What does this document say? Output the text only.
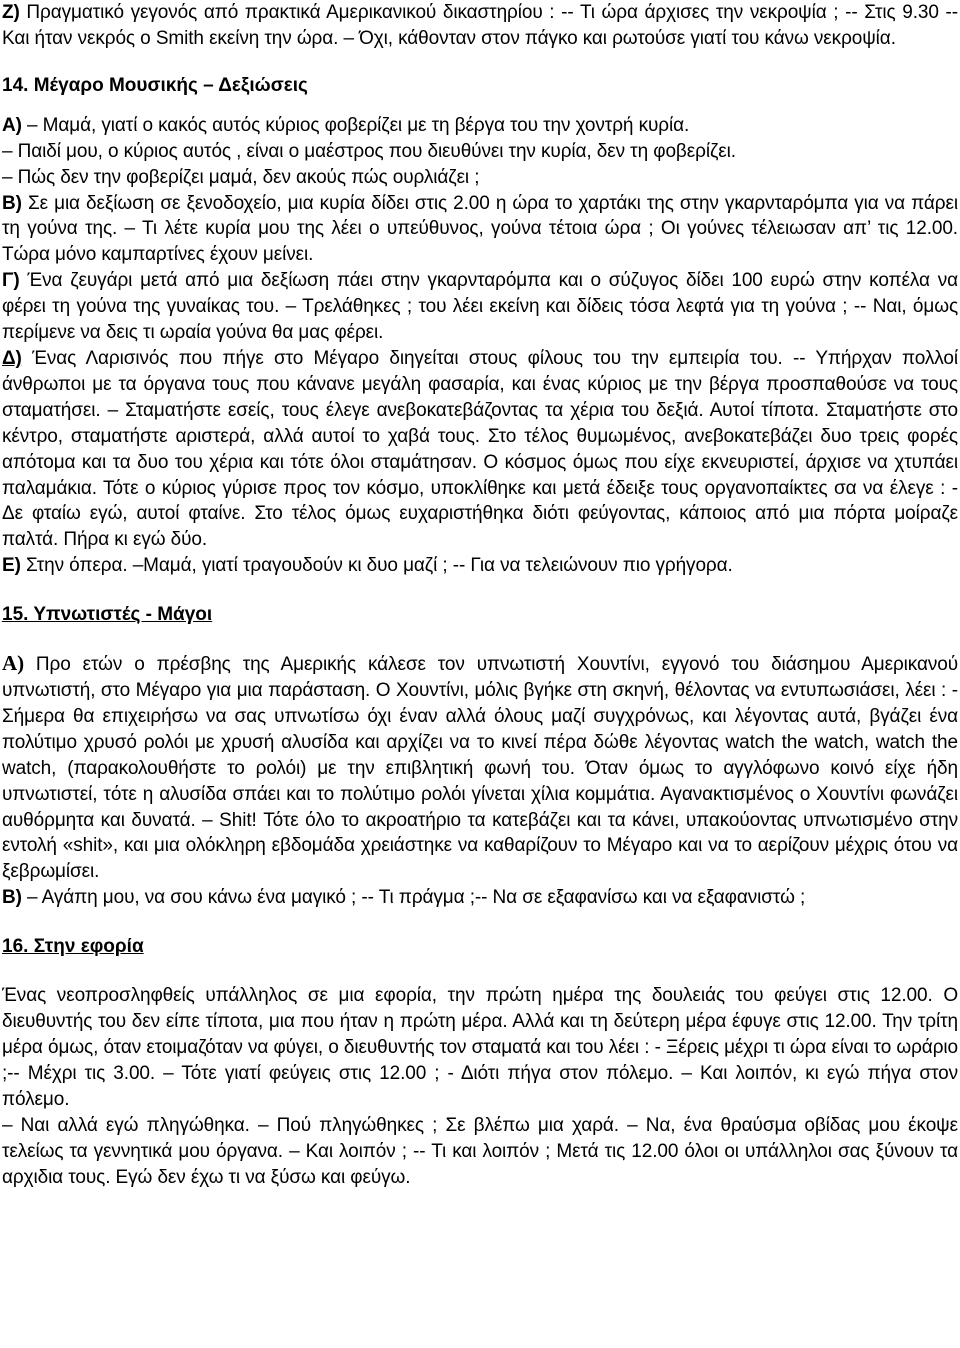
Ζ) Πραγματικό γεγονός από πρακτικά Αμερικανικού δικαστηρίου : -- Τι ώρα άρχισες την νεκροψία ; -- Στις 9.30 -- Και ήταν νεκρός ο Smith εκείνη την ώρα. – Όχι, κάθονταν στον πάγκο και ρωτούσε γιατί του κάνω νεκροψία.

14. Μέγαρο Μουσικής – Δεξιώσεις

Α) – Μαμά, γιατί ο κακός αυτός κύριος φοβερίζει με τη βέργα του την χοντρή κυρία.

– Παιδί μου, ο κύριος αυτός , είναι ο μαέστρος που διευθύνει την κυρία, δεν τη φοβερίζει.

– Πώς δεν την φοβερίζει μαμά, δεν ακούς πώς ουρλιάζει ;

Β) Σε μια δεξίωση σε ξενοδοχείο, μια κυρία δίδει στις 2.00 η ώρα το χαρτάκι της στην γκαρνταρόμπα για να πάρει τη γούνα της. – Τι λέτε κυρία μου της λέει ο υπεύθυνος, γούνα τέτοια ώρα ; Οι γούνες τέλειωσαν απ’ τις 12.00. Τώρα μόνο καμπαρτίνες έχουν μείνει.

Γ) Ένα ζευγάρι μετά από μια δεξίωση πάει στην γκαρνταρόμπα και ο σύζυγος δίδει 100 ευρώ στην κοπέλα να φέρει τη γούνα της γυναίκας του. – Τρελάθηκες ; του λέει εκείνη και δίδεις τόσα λεφτά για τη γούνα ; -- Ναι, όμως περίμενε να δεις τι ωραία γούνα θα μας φέρει.

Δ) Ένας Λαρισινός που πήγε στο Μέγαρο διηγείται στους φίλους του την εμπειρία του. -- Υπήρχαν πολλοί άνθρωποι με τα όργανα τους που κάνανε μεγάλη φασαρία, και ένας κύριος με την βέργα προσπαθούσε να τους σταματήσει. – Σταματήστε εσείς, τους έλεγε ανεβοκατεβάζοντας τα χέρια του δεξιά. Αυτοί τίποτα. Σταματήστε στο κέντρο, σταματήστε αριστερά, αλλά αυτοί το χαβά τους. Στο τέλος θυμωμένος, ανεβοκατεβάζει δυο τρεις φορές απότομα και τα δυο του χέρια και τότε όλοι σταμάτησαν. Ο κόσμος όμως που είχε εκνευριστεί, άρχισε να χτυπάει παλαμάκια. Τότε ο κύριος γύρισε προς τον κόσμο, υποκλίθηκε και μετά έδειξε τους οργανοπαίκτες σα να έλεγε : - Δε φταίω εγώ, αυτοί φταίνε. Στο τέλος όμως ευχαριστήθηκα διότι φεύγοντας, κάποιος από μια πόρτα μοίραζε παλτά. Πήρα κι εγώ δύο.

Ε) Στην όπερα. –Μαμά, γιατί τραγουδούν κι δυο μαζί ; -- Για να τελειώνουν πιο γρήγορα.

15. Υπνωτιστές - Μάγοι

Α) Προ ετών ο πρέσβης της Αμερικής κάλεσε τον υπνωτιστή Χουντίνι, εγγονό του διάσημου Αμερικανού υπνωτιστή, στο Μέγαρο για μια παράσταση. Ο Χουντίνι, μόλις βγήκε στη σκηνή, θέλοντας να εντυπωσιάσει, λέει : - Σήμερα θα επιχειρήσω να σας υπνωτίσω όχι έναν αλλά όλους μαζί συγχρόνως, και λέγοντας αυτά, βγάζει ένα πολύτιμο χρυσό ρολόι με χρυσή αλυσίδα και αρχίζει να το κινεί πέρα δώθε λέγοντας watch the watch, watch the watch, (παρακολουθήστε το ρολόι) με την επιβλητική φωνή του. Όταν όμως το αγγλόφωνο κοινό είχε ήδη υπνωτιστεί, τότε η αλυσίδα σπάει και το πολύτιμο ρολόι γίνεται χίλια κομμάτια. Αγανακτισμένος ο Χουντίνι φωνάζει αυθόρμητα και δυνατά. – Shit! Τότε όλο το ακροατήριο τα κατεβάζει και τα κάνει, υπακούοντας υπνωτισμένο στην εντολή «shit», και μια ολόκληρη εβδομάδα χρειάστηκε να καθαρίζουν το Μέγαρο και να το αερίζουν μέχρις ότου να ξεβρωμίσει.

Β) – Αγάπη μου, να σου κάνω ένα μαγικό ; -- Τι πράγμα ;-- Να σε εξαφανίσω και να εξαφανιστώ ;

16. Στην εφορία

Ένας νεοπροσληφθείς υπάλληλος σε μια εφορία, την πρώτη ημέρα της δουλειάς του φεύγει στις 12.00. Ο διευθυντής του δεν είπε τίποτα, μια που ήταν η πρώτη μέρα. Αλλά και τη δεύτερη μέρα έφυγε στις 12.00. Την τρίτη μέρα όμως, όταν ετοιμαζόταν να φύγει, ο διευθυντής τον σταματά και του λέει : - Ξέρεις μέχρι τι ώρα είναι το ωράριο ;-- Μέχρι τις 3.00. – Τότε γιατί φεύγεις στις 12.00 ; - Διότι πήγα στον πόλεμο. – Και λοιπόν, κι εγώ πήγα στον πόλεμο.

– Ναι αλλά εγώ πληγώθηκα. – Πού πληγώθηκες ; Σε βλέπω μια χαρά. – Να, ένα θραύσμα οβίδας μου έκοψε τελείως τα γεννητικά μου όργανα. – Και λοιπόν ; -- Τι και λοιπόν ; Μετά τις 12.00 όλοι οι υπάλληλοι σας ξύνουν τα αρχιδια τους. Εγώ δεν έχω τι να ξύσω και φεύγω.
